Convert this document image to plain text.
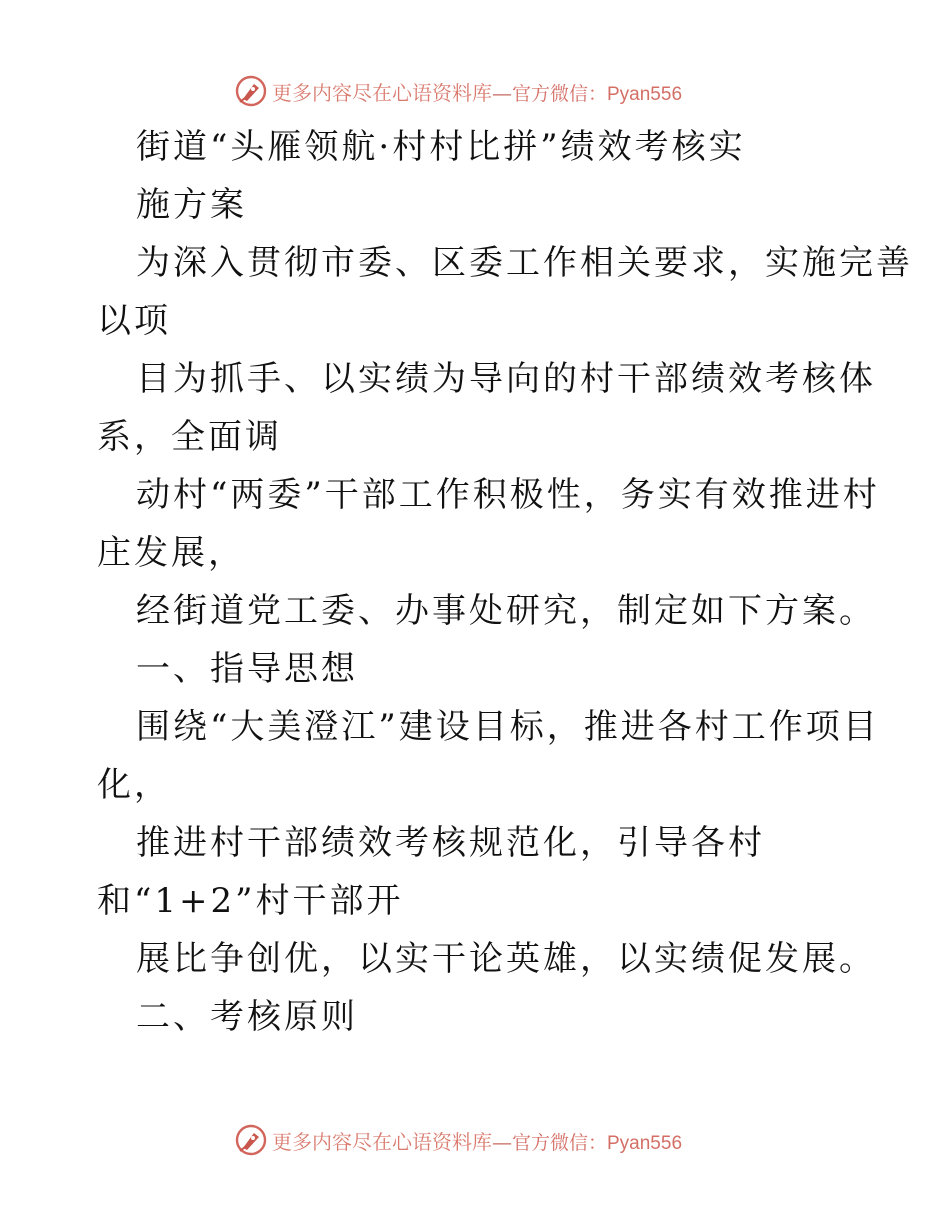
更多内容尽在心语资料库—官方微信：Pyan556
街道“头雁领航·村村比拼”绩效考核实
施方案
为深入贯彻市委、区委工作相关要求，实施完善
以项
目为抓手、以实绩为导向的村干部绩效考核体
系，全面调
动村“两委”干部工作积极性，务实有效推进村
庄发展，
经街道党工委、办事处研究，制定如下方案。
一、指导思想
围绕“大美澄江”建设目标，推进各村工作项目
化，
推进村干部绩效考核规范化，引导各村
和“1+2”村干部开
展比争创优，以实干论英雄，以实绩促发展。
二、考核原则
更多内容尽在心语资料库—官方微信：Pyan556
